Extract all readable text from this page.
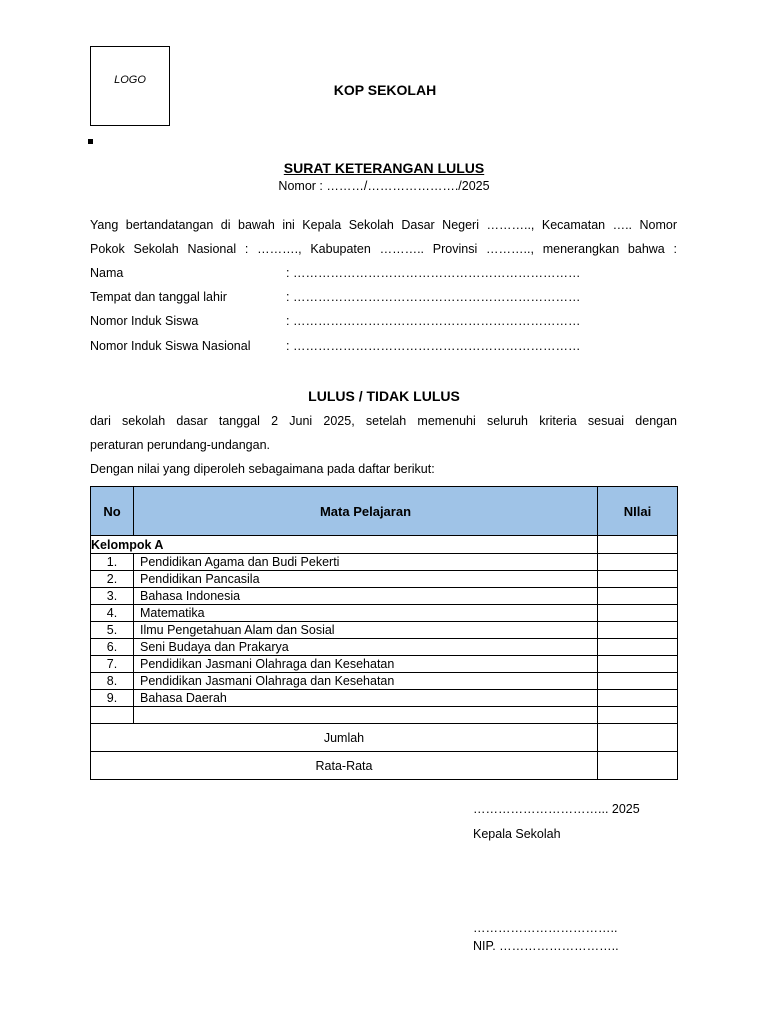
LOGO
KOP SEKOLAH
SURAT KETERANGAN LULUS
Nomor : ………/…………………./2025
Yang bertandatangan di bawah ini Kepala Sekolah Dasar Negeri ……….., Kecamatan ….. Nomor
Pokok Sekolah Nasional : ………., Kabupaten ……….. Provinsi ……….., menerangkan bahwa :
Nama	: ……………………………………………………………
Tempat dan tanggal lahir	: ……………………………………………………………
Nomor Induk Siswa	: ……………………………………………………………
Nomor Induk Siswa Nasional	: ……………………………………………………………
LULUS / TIDAK LULUS
dari sekolah dasar tanggal 2 Juni 2025, setelah memenuhi seluruh kriteria sesuai dengan
peraturan perundang-undangan.
Dengan nilai yang diperoleh sebagaimana pada daftar berikut:
No	Mata Pelajaran	NIlai
Kelompok A		
1.	Pendidikan Agama dan Budi Pekerti	
2.	Pendidikan Pancasila	
3.	Bahasa Indonesia	
4.	Matematika	
5.	Ilmu Pengetahuan Alam dan Sosial	
6.	Seni Budaya dan Prakarya	
7.	Pendidikan Jasmani Olahraga dan Kesehatan	
8.	Pendidikan Jasmani Olahraga dan Kesehatan	
9.	Bahasa Daerah	

Jumlah		
Rata-Rata		
…………………………... 2025
Kepala Sekolah
……………………………..
NIP. ………………………..
